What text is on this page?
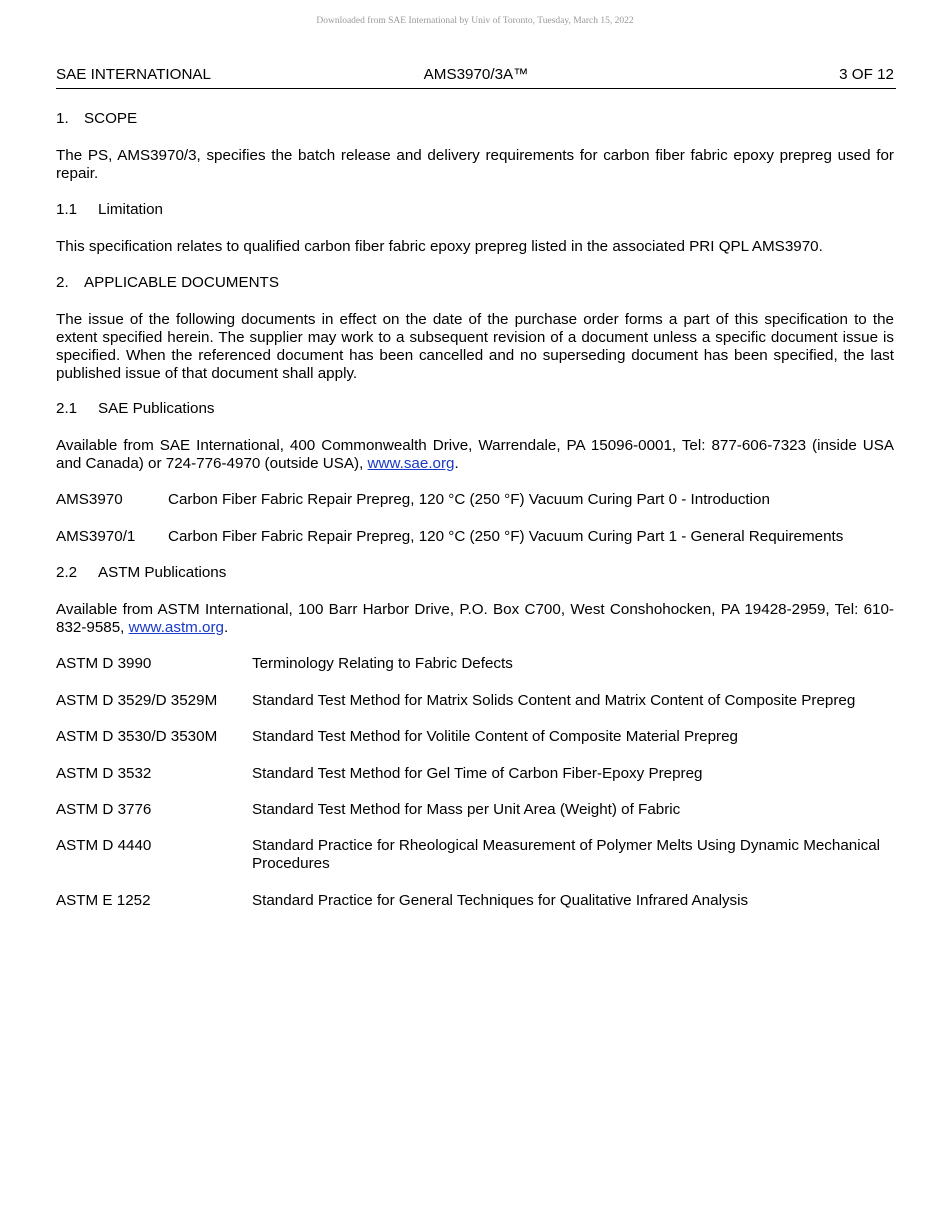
Downloaded from SAE International by Univ of Toronto, Tuesday, March 15, 2022
SAE INTERNATIONAL	AMS3970/3A™	3 OF 12
1. SCOPE
The PS, AMS3970/3, specifies the batch release and delivery requirements for carbon fiber fabric epoxy prepreg used for repair.
1.1 Limitation
This specification relates to qualified carbon fiber fabric epoxy prepreg listed in the associated PRI QPL AMS3970.
2. APPLICABLE DOCUMENTS
The issue of the following documents in effect on the date of the purchase order forms a part of this specification to the extent specified herein. The supplier may work to a subsequent revision of a document unless a specific document issue is specified. When the referenced document has been cancelled and no superseding document has been specified, the last published issue of that document shall apply.
2.1 SAE Publications
Available from SAE International, 400 Commonwealth Drive, Warrendale, PA 15096-0001, Tel: 877-606-7323 (inside USA and Canada) or 724-776-4970 (outside USA), www.sae.org.
AMS3970	Carbon Fiber Fabric Repair Prepreg, 120 °C (250 °F) Vacuum Curing Part 0 - Introduction
AMS3970/1 Carbon Fiber Fabric Repair Prepreg, 120 °C (250 °F) Vacuum Curing Part 1 - General Requirements
2.2 ASTM Publications
Available from ASTM International, 100 Barr Harbor Drive, P.O. Box C700, West Conshohocken, PA 19428-2959, Tel: 610-832-9585, www.astm.org.
ASTM D 3990	Terminology Relating to Fabric Defects
ASTM D 3529/D 3529M Standard Test Method for Matrix Solids Content and Matrix Content of Composite Prepreg
ASTM D 3530/D 3530M Standard Test Method for Volitile Content of Composite Material Prepreg
ASTM D 3532	Standard Test Method for Gel Time of Carbon Fiber-Epoxy Prepreg
ASTM D 3776	Standard Test Method for Mass per Unit Area (Weight) of Fabric
ASTM D 4440	Standard Practice for Rheological Measurement of Polymer Melts Using Dynamic Mechanical Procedures
ASTM E 1252	Standard Practice for General Techniques for Qualitative Infrared Analysis
